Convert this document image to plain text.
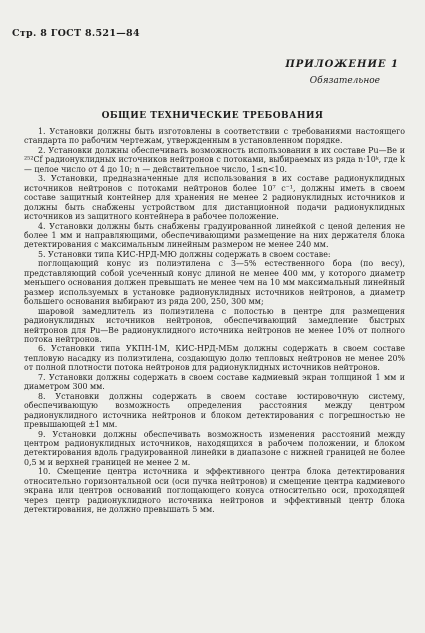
Стр. 8 ГОСТ 8.521—84
ПРИЛОЖЕНИЕ 1
Обязательное
ОБЩИЕ ТЕХНИЧЕСКИЕ ТРЕБОВАНИЯ

1. Установки должны быть изготовлены в соответствии с требованиями настоящего стандарта по рабочим чертежам, утвержденным в установленном порядке.

2. Установки должны обеспечивать возможность использования в их составе Pu—Be и ²⁵²Cf радионуклидных источников нейтронов с потоками, выбираемых из ряда n·10ᵏ, где k — целое число от 4 до 10; n — действительное число, 1≤n<10.

3. Установки, предназначенные для использования в их составе радионуклидных источников нейтронов с потоками нейтронов более 10⁷ с⁻¹, должны иметь в своем составе защитный контейнер для хранения не менее 2 радионуклидных источников и должны быть снабжены устройством для дистанционной подачи радионуклидных источников из защитного контейнера в рабочее положение.

4. Установки должны быть снабжены градуированной линейкой с ценой деления не более 1 мм и направляющими, обеспечивающими размещение на них держателя блока детектирования с максимальным линейным размером не менее 240 мм.

5. Установки типа КИС-НРД-МЮ должны содержать в своем составе:

поглощающий конус из полиэтилена с 3—5% естественного бора (по весу), представляющий собой усеченный конус длиной не менее 400 мм, у которого диаметр меньшего основания должен превышать не менее чем на 10 мм максимальный линейный размер используемых в установке радионуклидных источников нейтронов, а диаметр большего основания выбирают из ряда 200, 250, 300 мм;

шаровой замедлитель из полиэтилена с полостью в центре для размещения радионуклидных источников нейтронов, обеспечивающий замедление быстрых нейтронов для Pu—Be радионуклидного источника нейтронов не менее 10% от полного потока нейтронов.

6. Установки типа УКПН-1М, КИС-НРД-МБм должны содержать в своем составе тепловую насадку из полиэтилена, создающую долю тепловых нейтронов не менее 20% от полной плотности потока нейтронов для радионуклидных источников нейтронов.

7. Установки должны содержать в своем составе кадмиевый экран толщиной 1 мм и диаметром 300 мм.

8. Установки должны содержать в своем составе юстировочную систему, обеспечивающую возможность определения расстояния между центром радионуклидного источника нейтронов и блоком детектирования с погрешностью не превышающей ±1 мм.

9. Установки должны обеспечивать возможность изменения расстояний между центром радионуклидных источников, находящихся в рабочем положении, и блоком детектирования вдоль градуированной линейки в диапазоне с нижней границей не более 0,5 м и верхней границей не менее 2 м.

10. Смещение центра источника и эффективного центра блока детектирования относительно горизонтальной оси (оси пучка нейтронов) и смещение центра кадмиевого экрана или центров оснований поглощающего конуса относительно оси, проходящей через центр радионуклидного источника нейтронов и эффективный центр блока детектирования, не должно превышать 5 мм.
